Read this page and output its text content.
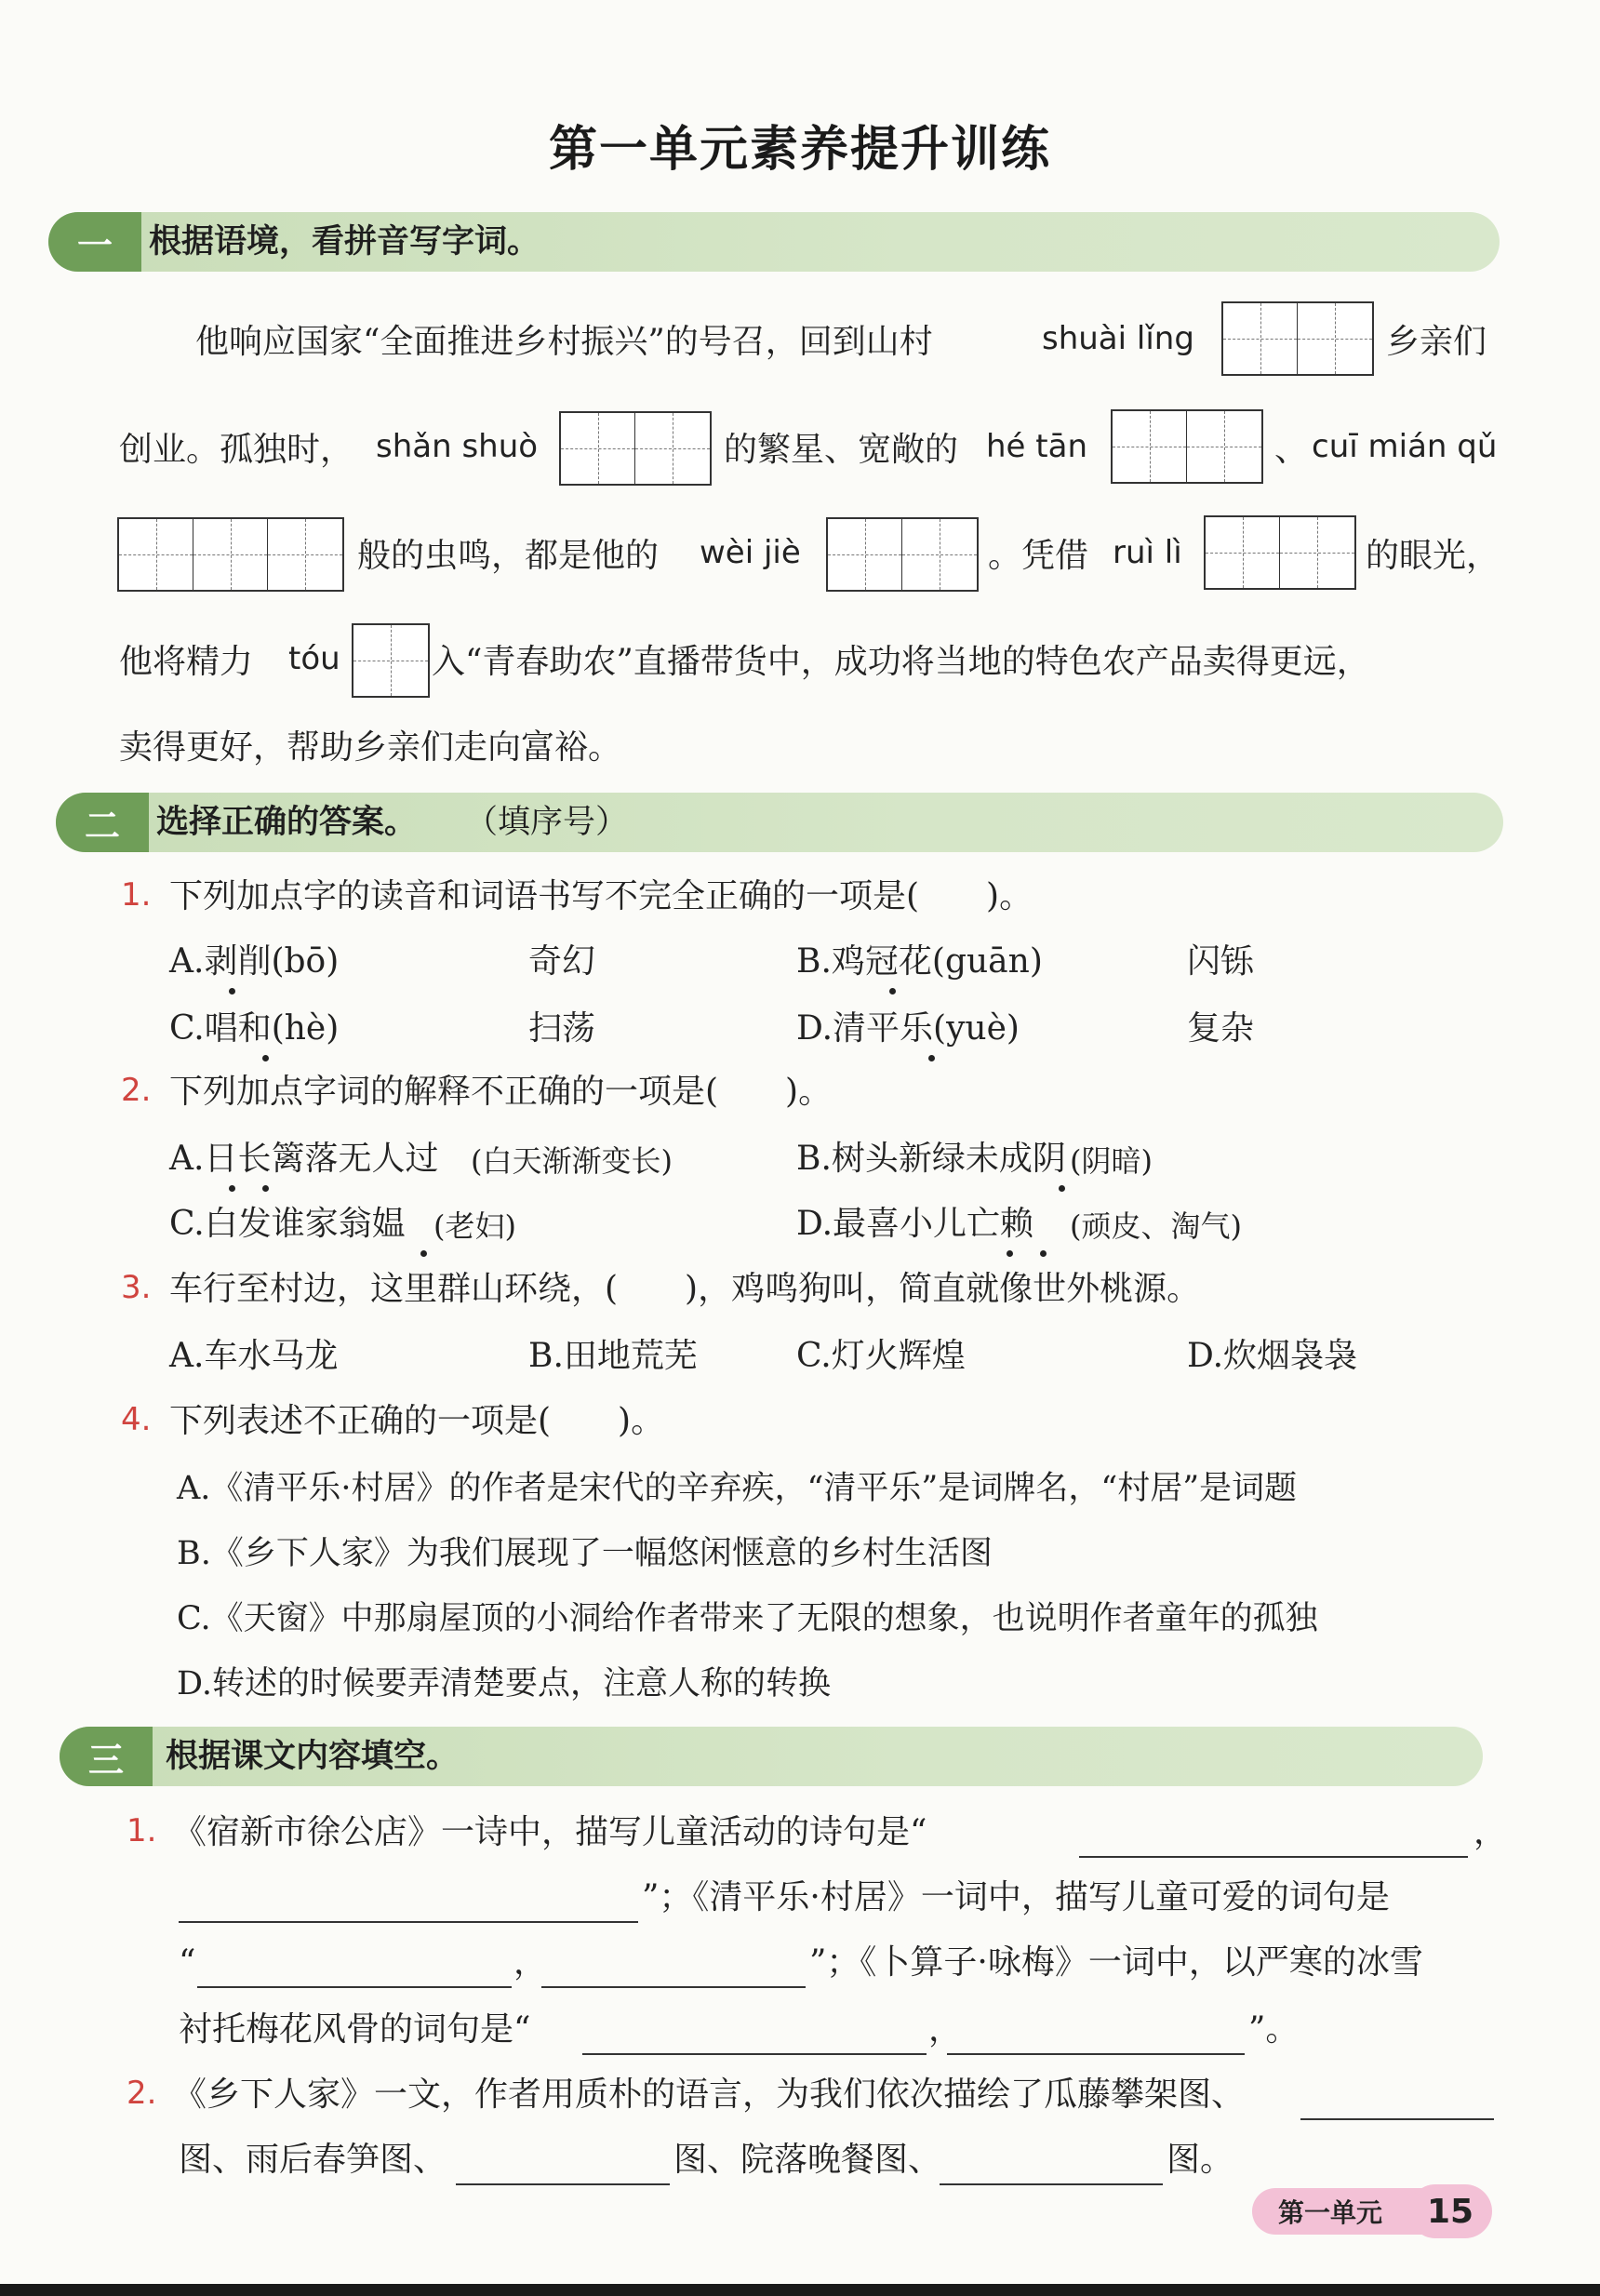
第一单元素养提升训练
一	根据语境，看拼音写字词。
他响应国家“全面推进乡村振兴”的号召，回到山村	shuài lǐng	乡亲们
创业。孤独时， shǎn shuò	的繁星、宽敞的 hé tān	、 cuī mián qǔ
般的虫鸣，都是他的 wèi jiè	。凭借 ruì lì	的眼光，
他将精力 tóu	入“青春助农”直播带货中，成功将当地的特色农产品卖得更远，
卖得更好，帮助乡亲们走向富裕。
二	选择正确的答案。 （填序号）
1. 下列加点字的读音和词语书写不完全正确的一项是(　　)。
A.剥削(bō)	奇幻	B.鸡冠花(guān)	闪铄
C.唱和(hè)	扫荡	D.清平乐(yuè)	复杂
2. 下列加点字词的解释不正确的一项是(　　)。
A.日长篱落无人过 (白天渐渐变长)	B.树头新绿未成阴 (阴暗)
C.白发谁家翁媪 (老妇)	D.最喜小儿亡赖 (顽皮、淘气)
3. 车行至村边，这里群山环绕，(　　)，鸡鸣狗叫，简直就像世外桃源。
A.车水马龙	B.田地荒芜	C.灯火辉煌	D.炊烟袅袅
4. 下列表述不正确的一项是(　　)。
A.《清平乐·村居》的作者是宋代的辛弃疾，“清平乐”是词牌名，“村居”是词题
B.《乡下人家》为我们展现了一幅悠闲惬意的乡村生活图
C.《天窗》中那扇屋顶的小洞给作者带来了无限的想象，也说明作者童年的孤独
D.转述的时候要弄清楚要点，注意人称的转换
三	根据课文内容填空。
1. 《宿新市徐公店》一诗中，描写儿童活动的诗句是“	，
”；《清平乐·村居》一词中，描写儿童可爱的词句是
“	，	”；《卜算子·咏梅》一词中，以严寒的冰雪
衬托梅花风骨的词句是“	，	”。
2. 《乡下人家》一文，作者用质朴的语言，为我们依次描绘了瓜藤攀架图、
图、雨后春笋图、	图、院落晚餐图、	图。
第一单元	15
